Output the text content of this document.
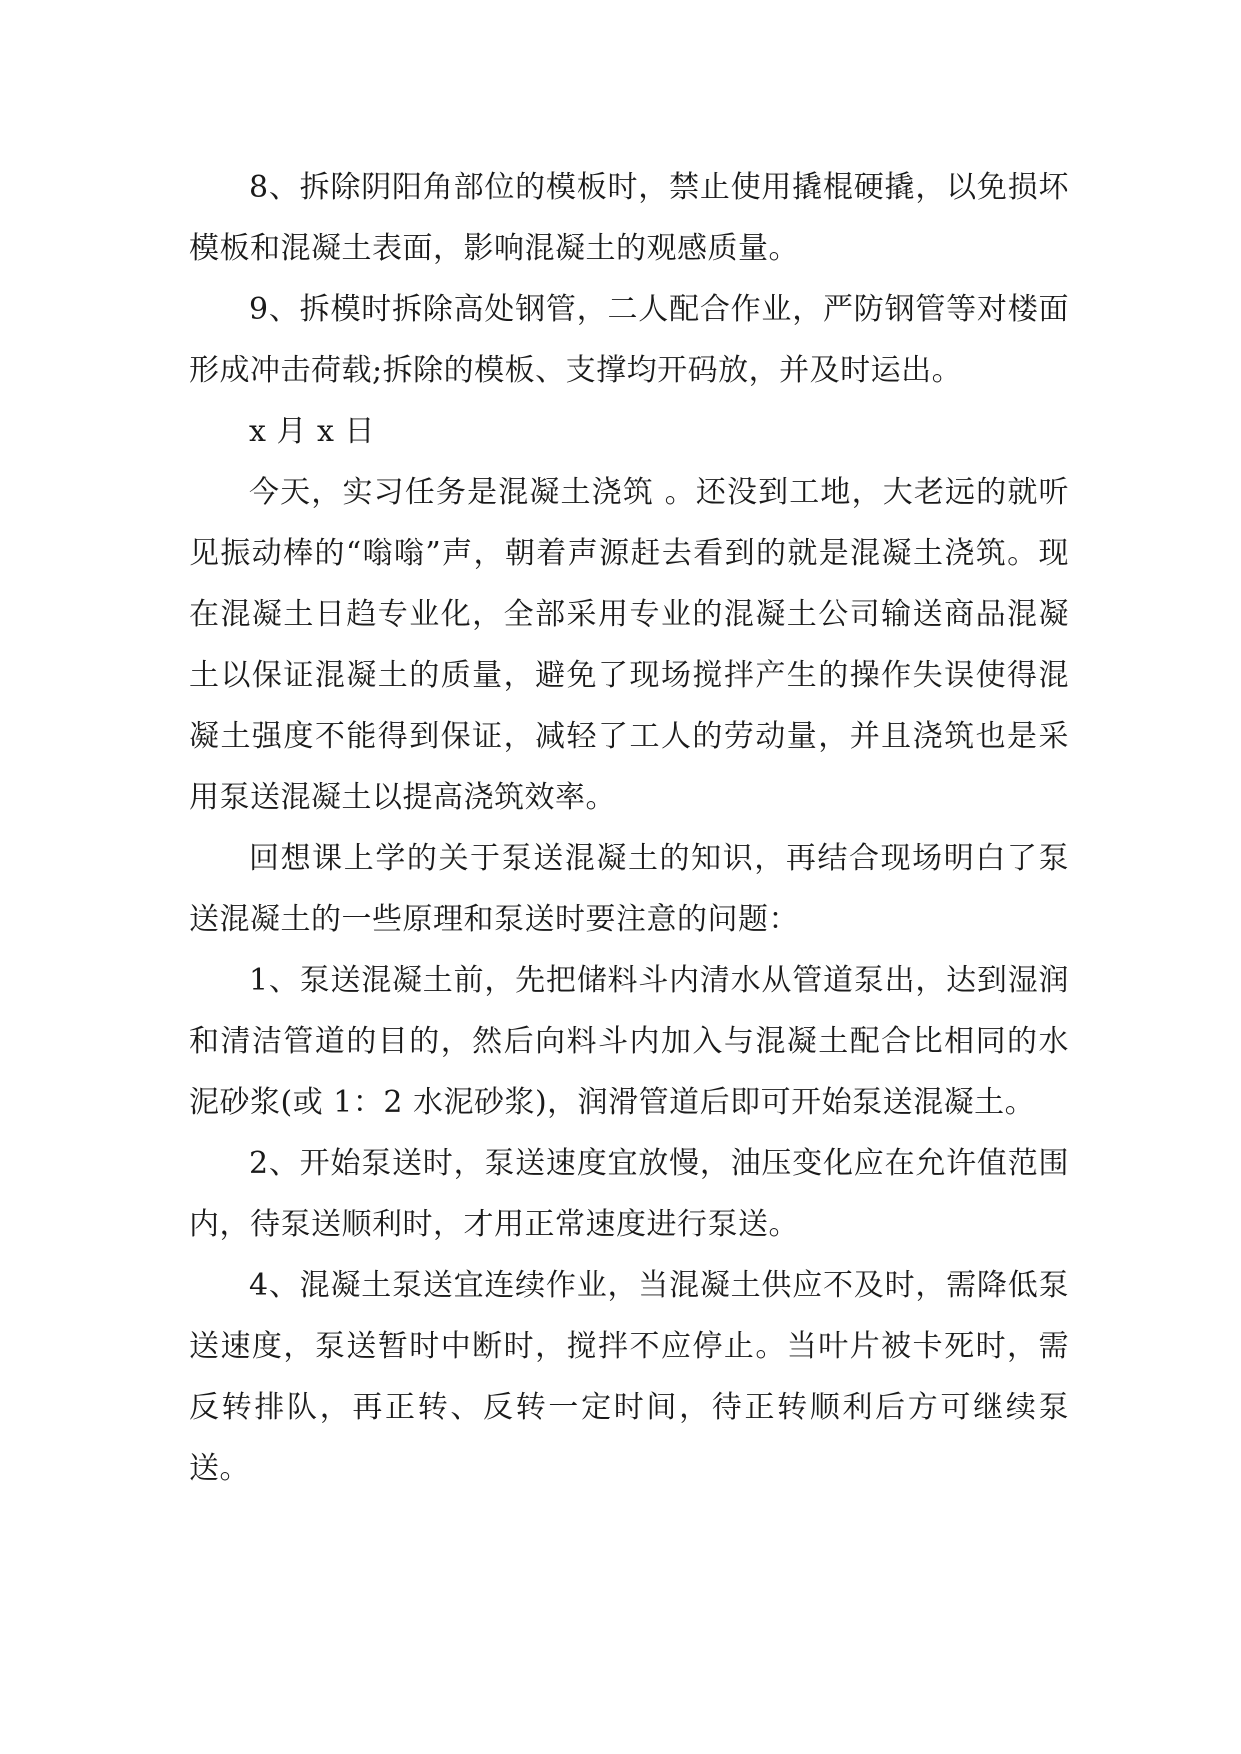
8、拆除阴阳角部位的模板时，禁止使用撬棍硬撬，以免损坏模板和混凝土表面，影响混凝土的观感质量。

9、拆模时拆除高处钢管，二人配合作业，严防钢管等对楼面形成冲击荷载;拆除的模板、支撑均开码放，并及时运出。

x 月 x 日

今天，实习任务是混凝土浇筑 。还没到工地，大老远的就听见振动棒的“嗡嗡”声，朝着声源赶去看到的就是混凝土浇筑。现在混凝土日趋专业化，全部采用专业的混凝土公司输送商品混凝土以保证混凝土的质量，避免了现场搅拌产生的操作失误使得混凝土强度不能得到保证，减轻了工人的劳动量，并且浇筑也是采用泵送混凝土以提高浇筑效率。

回想课上学的关于泵送混凝土的知识，再结合现场明白了泵送混凝土的一些原理和泵送时要注意的问题：

1、泵送混凝土前，先把储料斗内清水从管道泵出，达到湿润和清洁管道的目的，然后向料斗内加入与混凝土配合比相同的水泥砂浆(或 1：2 水泥砂浆)，润滑管道后即可开始泵送混凝土。

2、开始泵送时，泵送速度宜放慢，油压变化应在允许值范围内，待泵送顺利时，才用正常速度进行泵送。

4、混凝土泵送宜连续作业，当混凝土供应不及时，需降低泵送速度，泵送暂时中断时，搅拌不应停止。当叶片被卡死时，需反转排队，再正转、反转一定时间，待正转顺利后方可继续泵送。
